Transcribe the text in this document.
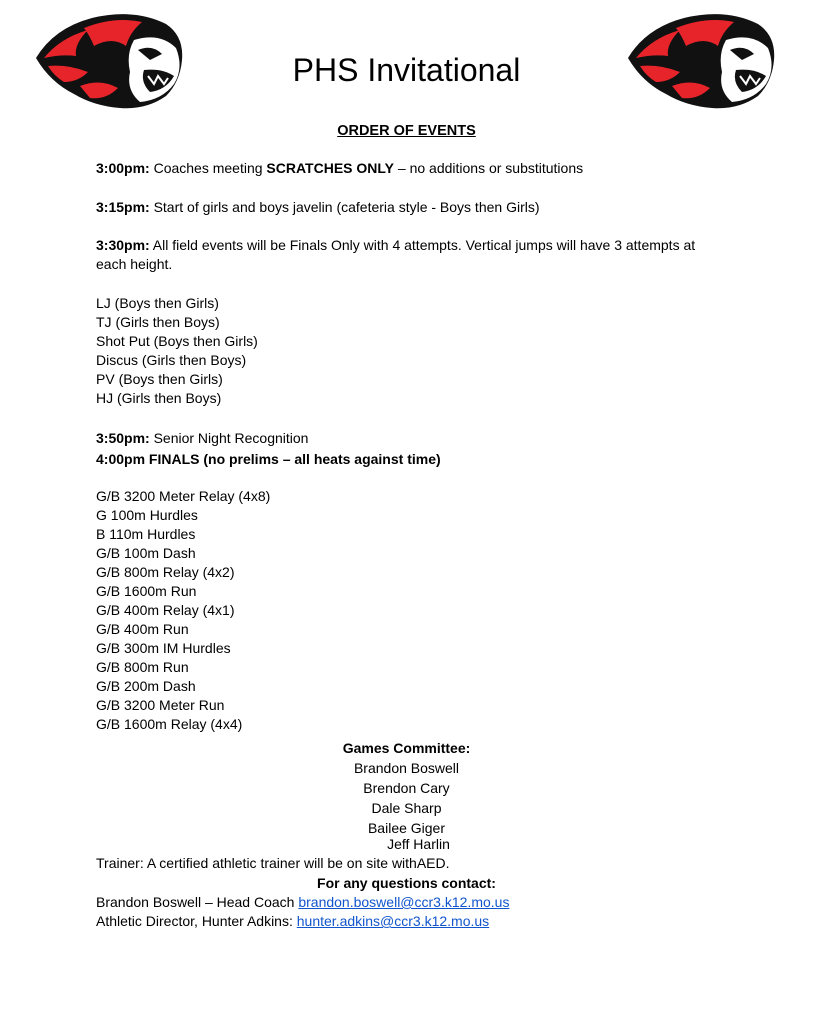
PHS Invitational
ORDER OF EVENTS
3:00pm: Coaches meeting SCRATCHES ONLY – no additions or substitutions
3:15pm: Start of girls and boys javelin (cafeteria style - Boys then Girls)
3:30pm: All field events will be Finals Only with 4 attempts. Vertical jumps will have 3 attempts at each height.
LJ (Boys then Girls)
TJ (Girls then Boys)
Shot Put (Boys then Girls)
Discus (Girls then Boys)
PV (Boys then Girls)
HJ (Girls then Boys)
3:50pm: Senior Night Recognition
4:00pm FINALS (no prelims – all heats against time)
G/B 3200 Meter Relay (4x8)
G 100m Hurdles
B 110m Hurdles
G/B 100m Dash
G/B 800m Relay (4x2)
G/B 1600m Run
G/B 400m Relay (4x1)
G/B 400m Run
G/B 300m IM Hurdles
G/B 800m Run
G/B 200m Dash
G/B 3200 Meter Run
G/B 1600m Relay (4x4)
Games Committee:
Brandon Boswell
Brendon Cary
Dale Sharp
Bailee Giger
Jeff Harlin
Trainer: A certified athletic trainer will be on site withAED.
For any questions contact:
Brandon Boswell – Head Coach brandon.boswell@ccr3.k12.mo.us
Athletic Director, Hunter Adkins: hunter.adkins@ccr3.k12.mo.us
